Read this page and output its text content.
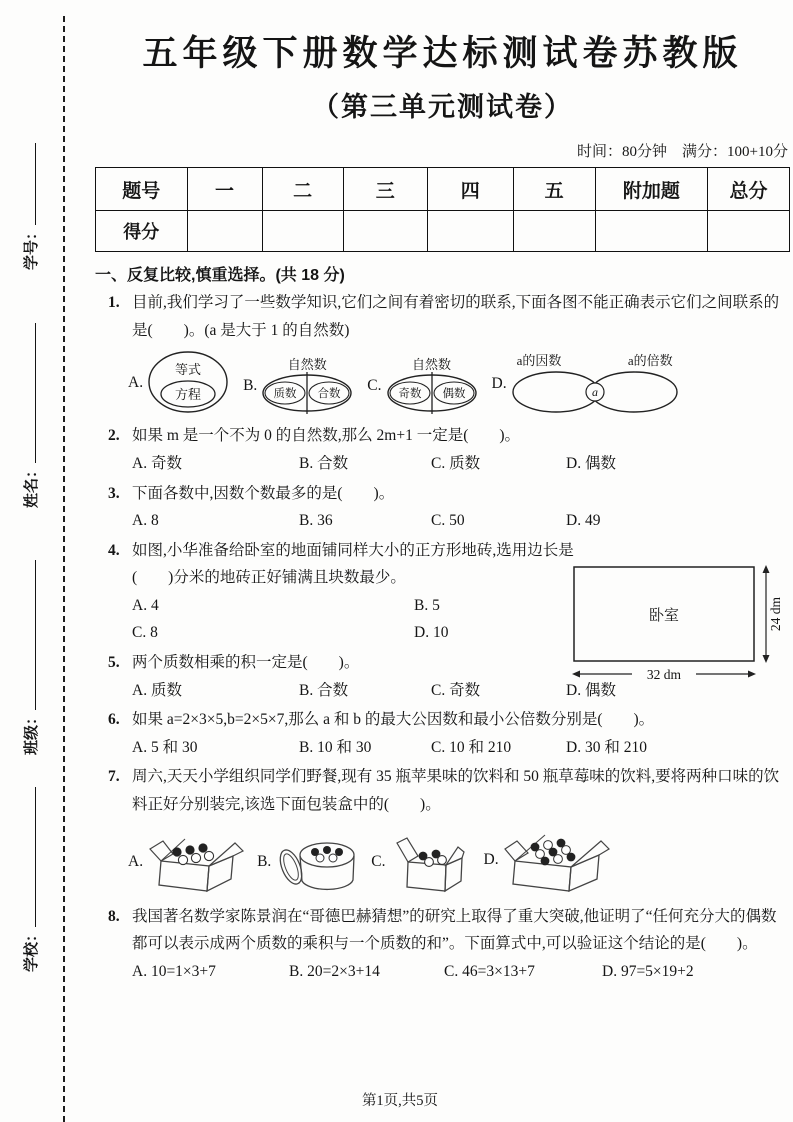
学号：
姓名：
班级：
学校：
五年级下册数学达标测试卷苏教版
（第三单元测试卷）
时间：80分钟　满分：100+10分
题号	一	二	三	四	五	附加题	总分
得分							
一、反复比较,慎重选择。(共 18 分)
1. 目前,我们学习了一些数学知识,它们之间有着密切的联系,下面各图不能正确表示它们之间联系的是(　　)。(a 是大于 1 的自然数)
A.
等式
方程
B.
自然数
质数 合数
C.
自然数
奇数 偶数
D.
a的因数	a的倍数
a
2. 如果 m 是一个不为 0 的自然数,那么 2m+1 一定是(　　)。
A. 奇数	B. 合数	C. 质数	D. 偶数
3. 下面各数中,因数个数最多的是(　　)。
A. 8	B. 36	C. 50	D. 49
4. 如图,小华准备给卧室的地面铺同样大小的正方形地砖,选用边长是(　　)分米的地砖正好铺满且块数最少。
A. 4	B. 5
C. 8	D. 10
卧室	24 dm
32 dm
5. 两个质数相乘的积一定是(　　)。
A. 质数	B. 合数	C. 奇数	D. 偶数
6. 如果 a=2×3×5,b=2×5×7,那么 a 和 b 的最大公因数和最小公倍数分别是(　　)。
A. 5 和 30	B. 10 和 30	C. 10 和 210	D. 30 和 210
7. 周六,天天小学组织同学们野餐,现有 35 瓶苹果味的饮料和 50 瓶草莓味的饮料,要将两种口味的饮料正好分别装完,该选下面包装盒中的(　　)。
A.	B.	C.	D.
8. 我国著名数学家陈景润在“哥德巴赫猜想”的研究上取得了重大突破,他证明了“任何充分大的偶数都可以表示成两个质数的乘积与一个质数的和”。下面算式中,可以验证这个结论的是(　　)。
A. 10=1×3+7	B. 20=2×3+14	C. 46=3×13+7	D. 97=5×19+2
第1页,共5页
